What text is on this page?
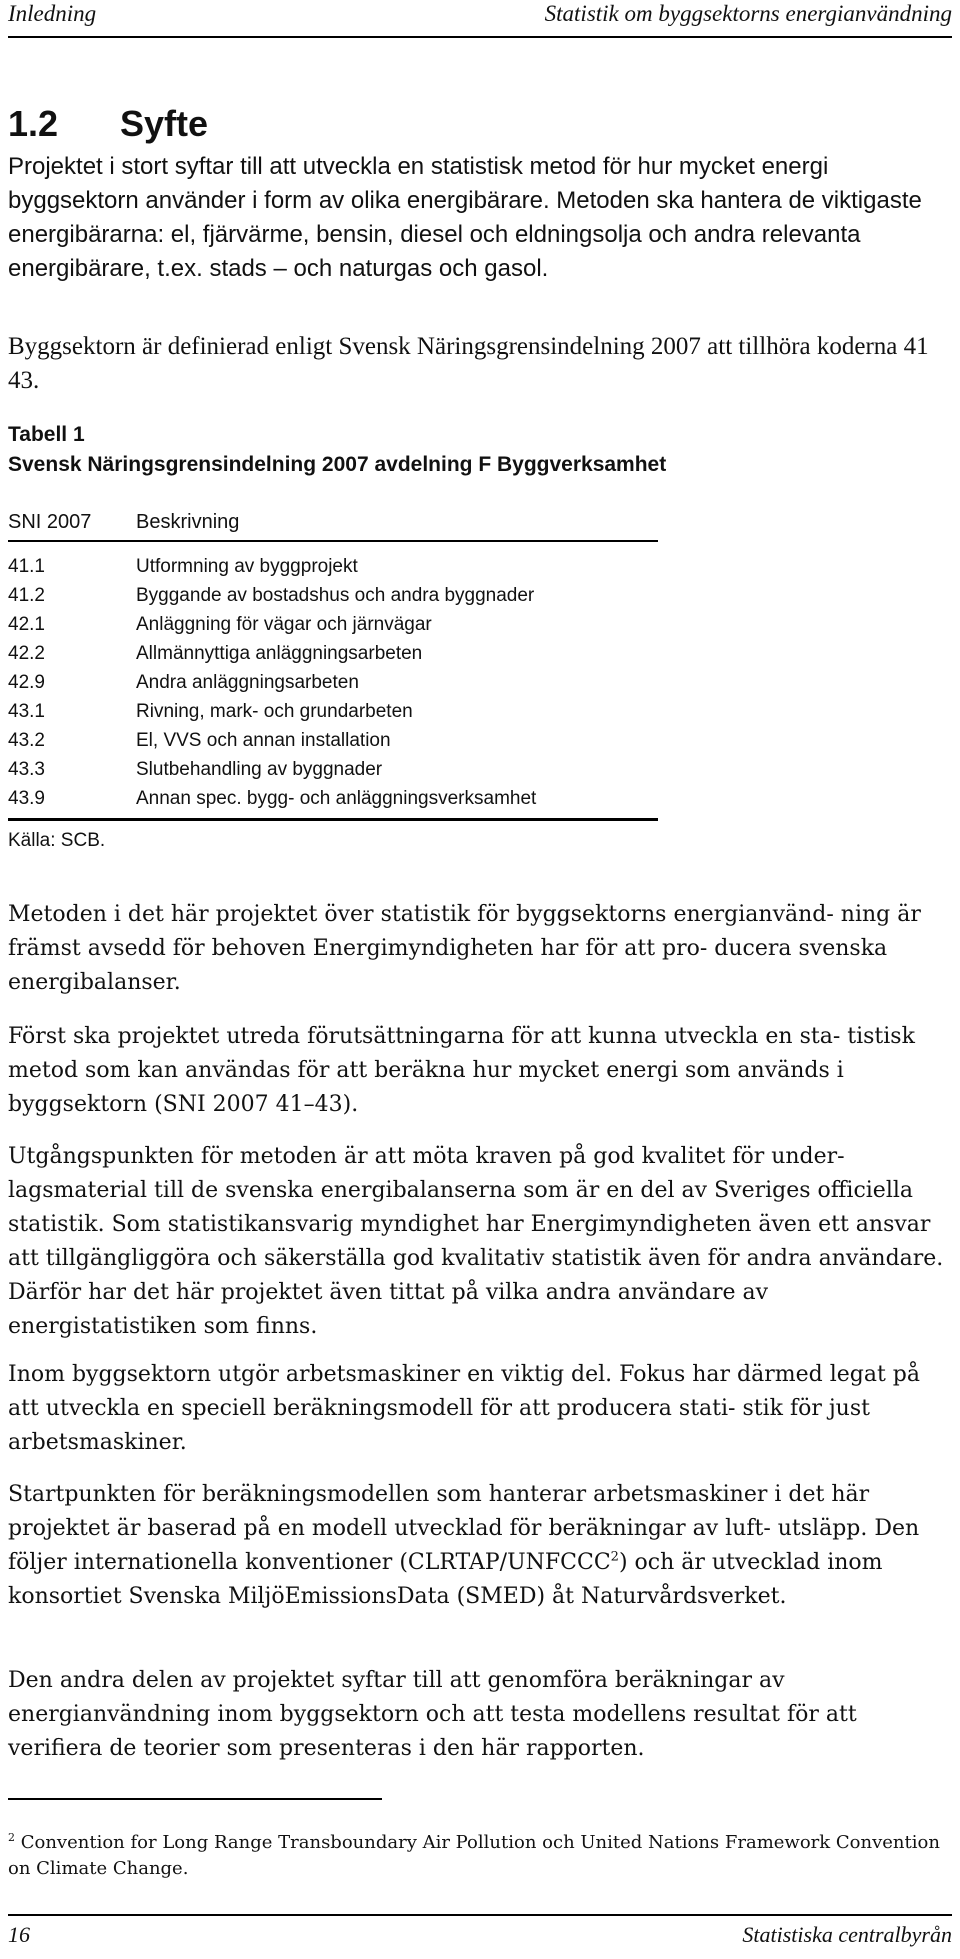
Inledning	Statistik om byggsektorns energianvändning
1.2 Syfte

Projektet i stort syftar till att utveckla en statistisk metod för hur mycket energi byggsektorn använder i form av olika energibärare. Metoden ska hantera de viktigaste energibärarna: el, fjärvärme, bensin, diesel och eldningsolja och andra relevanta energibärare, t.ex. stads – och naturgas och gasol.

Byggsektorn är definierad enligt Svensk Näringsgrensindelning 2007 att tillhöra koderna 41 43.

Tabell 1
Svensk Näringsgrensindelning 2007 avdelning F Byggverksamhet
SNI 2007 Beskrivning
41.1	Utformning av byggprojekt
41.2	Byggande av bostadshus och andra byggnader
42.1	Anläggning för vägar och järnvägar
42.2	Allmännyttiga anläggningsarbeten
42.9	Andra anläggningsarbeten
43.1	Rivning, mark- och grundarbeten
43.2	El, VVS och annan installation
43.3	Slutbehandling av byggnader
43.9	Annan spec. bygg- och anläggningsverksamhet
Källa: SCB.

Metoden i det här projektet över statistik för byggsektorns energianvänd- ning är främst avsedd för behoven Energimyndigheten har för att pro- ducera svenska energibalanser.

Först ska projektet utreda förutsättningarna för att kunna utveckla en sta- tistisk metod som kan användas för att beräkna hur mycket energi som används i byggsektorn (SNI 2007 41–43).

Utgångspunkten för metoden är att möta kraven på god kvalitet för under- lagsmaterial till de svenska energibalanserna som är en del av Sveriges officiella statistik. Som statistikansvarig myndighet har Energimyndigheten även ett ansvar att tillgängliggöra och säkerställa god kvalitativ statistik även för andra användare. Därför har det här projektet även tittat på vilka andra användare av energistatistiken som finns.

Inom byggsektorn utgör arbetsmaskiner en viktig del. Fokus har därmed legat på att utveckla en speciell beräkningsmodell för att producera stati- stik för just arbetsmaskiner.

Startpunkten för beräkningsmodellen som hanterar arbetsmaskiner i det här projektet är baserad på en modell utvecklad för beräkningar av luft- utsläpp. Den följer internationella konventioner (CLRTAP/UNFCCC$^2$) och är utvecklad inom konsortiet Svenska MiljöEmissionsData (SMED) åt Naturvårdsverket.

Den andra delen av projektet syftar till att genomföra beräkningar av energianvändning inom byggsektorn och att testa modellens resultat för att verifiera de teorier som presenteras i den här rapporten.

$^2$ Convention for Long Range Transboundary Air Pollution och United Nations Framework Convention on Climate Change.

16	Statistiska centralbyrån
